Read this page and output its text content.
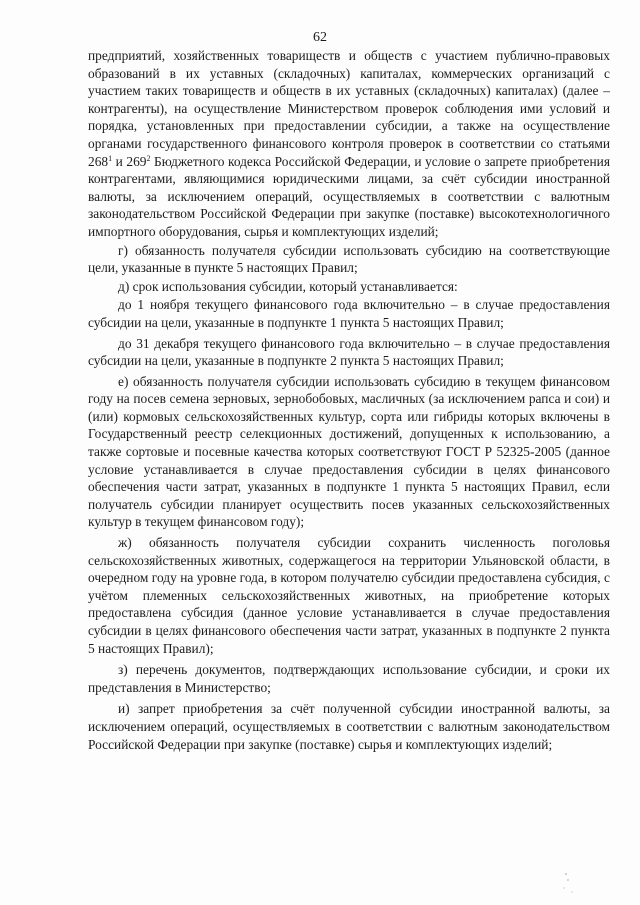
62

предприятий, хозяйственных товариществ и обществ с участием публично-правовых образований в их уставных (складочных) капиталах, коммерческих организаций с участием таких товариществ и обществ в их уставных (складочных) капиталах) (далее – контрагенты), на осуществление Министерством проверок соблюдения ими условий и порядка, установленных при предоставлении субсидии, а также на осуществление органами государственного финансового контроля проверок в соответствии со статьями $268^1$ и $269^2$ Бюджетного кодекса Российской Федерации, и условие о запрете приобретения контрагентами, являющимися юридическими лицами, за счёт субсидии иностранной валюты, за исключением операций, осуществляемых в соответствии с валютным законодательством Российской Федерации при закупке (поставке) высокотехнологичного импортного оборудования, сырья и комплектующих изделий;

г) обязанность получателя субсидии использовать субсидию на соответствующие цели, указанные в пункте 5 настоящих Правил;

д) срок использования субсидии, который устанавливается:

до 1 ноября текущего финансового года включительно – в случае предоставления субсидии на цели, указанные в подпункте 1 пункта 5 настоящих Правил;

до 31 декабря текущего финансового года включительно – в случае предоставления субсидии на цели, указанные в подпункте 2 пункта 5 настоящих Правил;

е) обязанность получателя субсидии использовать субсидию в текущем финансовом году на посев семена зерновых, зернобобовых, масличных (за исключением рапса и сои) и (или) кормовых сельскохозяйственных культур, сорта или гибриды которых включены в Государственный реестр селекционных достижений, допущенных к использованию, а также сортовые и посевные качества которых соответствуют ГОСТ Р 52325-2005 (данное условие устанавливается в случае предоставления субсидии в целях финансового обеспечения части затрат, указанных в подпункте 1 пункта 5 настоящих Правил, если получатель субсидии планирует осуществить посев указанных сельскохозяйственных культур в текущем финансовом году);

ж) обязанность получателя субсидии сохранить численность поголовья сельскохозяйственных животных, содержащегося на территории Ульяновской области, в очередном году на уровне года, в котором получателю субсидии предоставлена субсидия, с учётом племенных сельскохозяйственных животных, на приобретение которых предоставлена субсидия (данное условие устанавливается в случае предоставления субсидии в целях финансового обеспечения части затрат, указанных в подпункте 2 пункта 5 настоящих Правил);

з) перечень документов, подтверждающих использование субсидии, и сроки их представления в Министерство;

и) запрет приобретения за счёт полученной субсидии иностранной валюты, за исключением операций, осуществляемых в соответствии с валютным законодательством Российской Федерации при закупке (поставке) сырья и комплектующих изделий;
